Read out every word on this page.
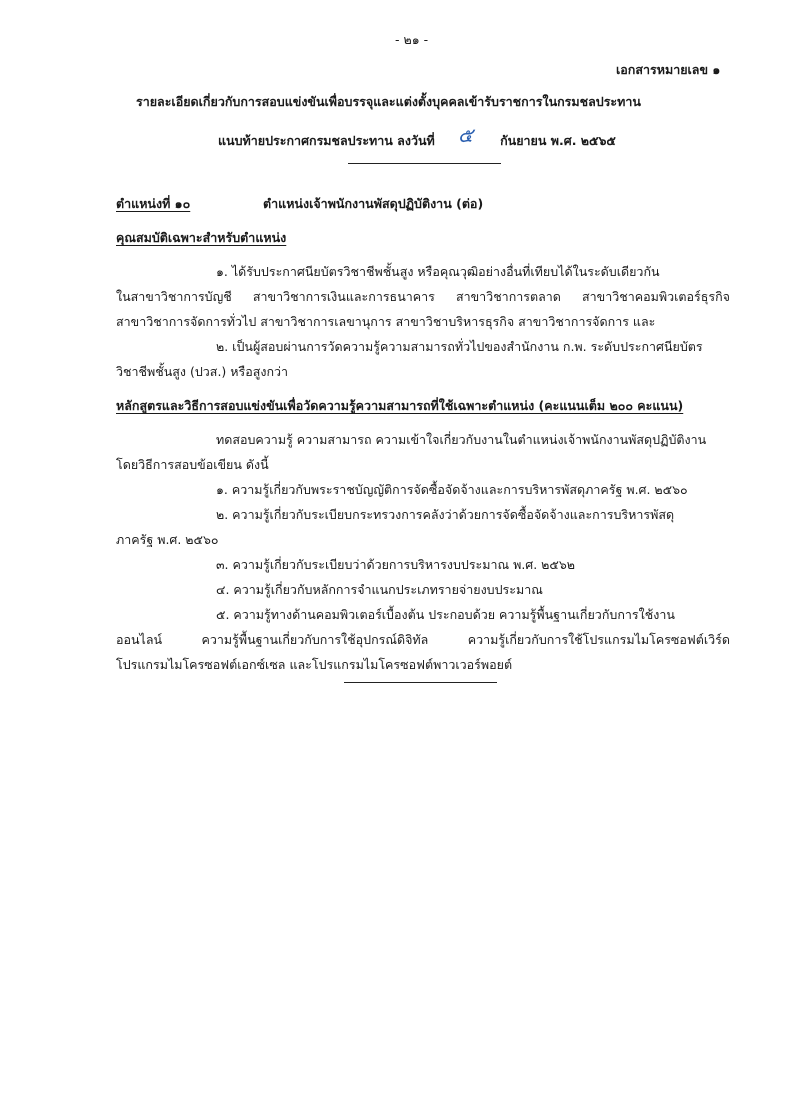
- ๒๑ -
เอกสารหมายเลข ๑
รายละเอียดเกี่ยวกับการสอบแข่งขันเพื่อบรรจุและแต่งตั้งบุคคลเข้ารับราชการในกรมชลประทาน
แนบท้ายประกาศกรมชลประทาน ลงวันที่ ๕ กันยายน พ.ศ. ๒๕๖๕
ตำแหน่งที่ ๑๐	ตำแหน่งเจ้าพนักงานพัสดุปฏิบัติงาน (ต่อ)
คุณสมบัติเฉพาะสำหรับตำแหน่ง
๑. ได้รับประกาศนียบัตรวิชาชีพชั้นสูง หรือคุณวุฒิอย่างอื่นที่เทียบได้ในระดับเดียวกัน
ในสาขาวิชาการบัญชี สาขาวิชาการเงินและการธนาคาร สาขาวิชาการตลาด สาขาวิชาคอมพิวเตอร์ธุรกิจ
สาขาวิชาการจัดการทั่วไป สาขาวิชาการเลขานุการ สาขาวิชาบริหารธุรกิจ สาขาวิชาการจัดการ และ
๒. เป็นผู้สอบผ่านการวัดความรู้ความสามารถทั่วไปของสำนักงาน ก.พ. ระดับประกาศนียบัตร
วิชาชีพชั้นสูง (ปวส.) หรือสูงกว่า
หลักสูตรและวิธีการสอบแข่งขันเพื่อวัดความรู้ความสามารถที่ใช้เฉพาะตำแหน่ง (คะแนนเต็ม ๒๐๐ คะแนน)
ทดสอบความรู้ ความสามารถ ความเข้าใจเกี่ยวกับงานในตำแหน่งเจ้าพนักงานพัสดุปฏิบัติงาน
โดยวิธีการสอบข้อเขียน ดังนี้
๑. ความรู้เกี่ยวกับพระราชบัญญัติการจัดซื้อจัดจ้างและการบริหารพัสดุภาครัฐ พ.ศ. ๒๕๖๐
๒. ความรู้เกี่ยวกับระเบียบกระทรวงการคลังว่าด้วยการจัดซื้อจัดจ้างและการบริหารพัสดุ
ภาครัฐ พ.ศ. ๒๕๖๐
๓. ความรู้เกี่ยวกับระเบียบว่าด้วยการบริหารงบประมาณ พ.ศ. ๒๕๖๒
๔. ความรู้เกี่ยวกับหลักการจำแนกประเภทรายจ่ายงบประมาณ
๕. ความรู้ทางด้านคอมพิวเตอร์เบื้องต้น ประกอบด้วย ความรู้พื้นฐานเกี่ยวกับการใช้งาน
ออนไลน์ ความรู้พื้นฐานเกี่ยวกับการใช้อุปกรณ์ดิจิทัล ความรู้เกี่ยวกับการใช้โปรแกรมไมโครซอฟต์เวิร์ด
โปรแกรมไมโครซอฟต์เอกซ์เซล และโปรแกรมไมโครซอฟต์พาวเวอร์พอยต์
